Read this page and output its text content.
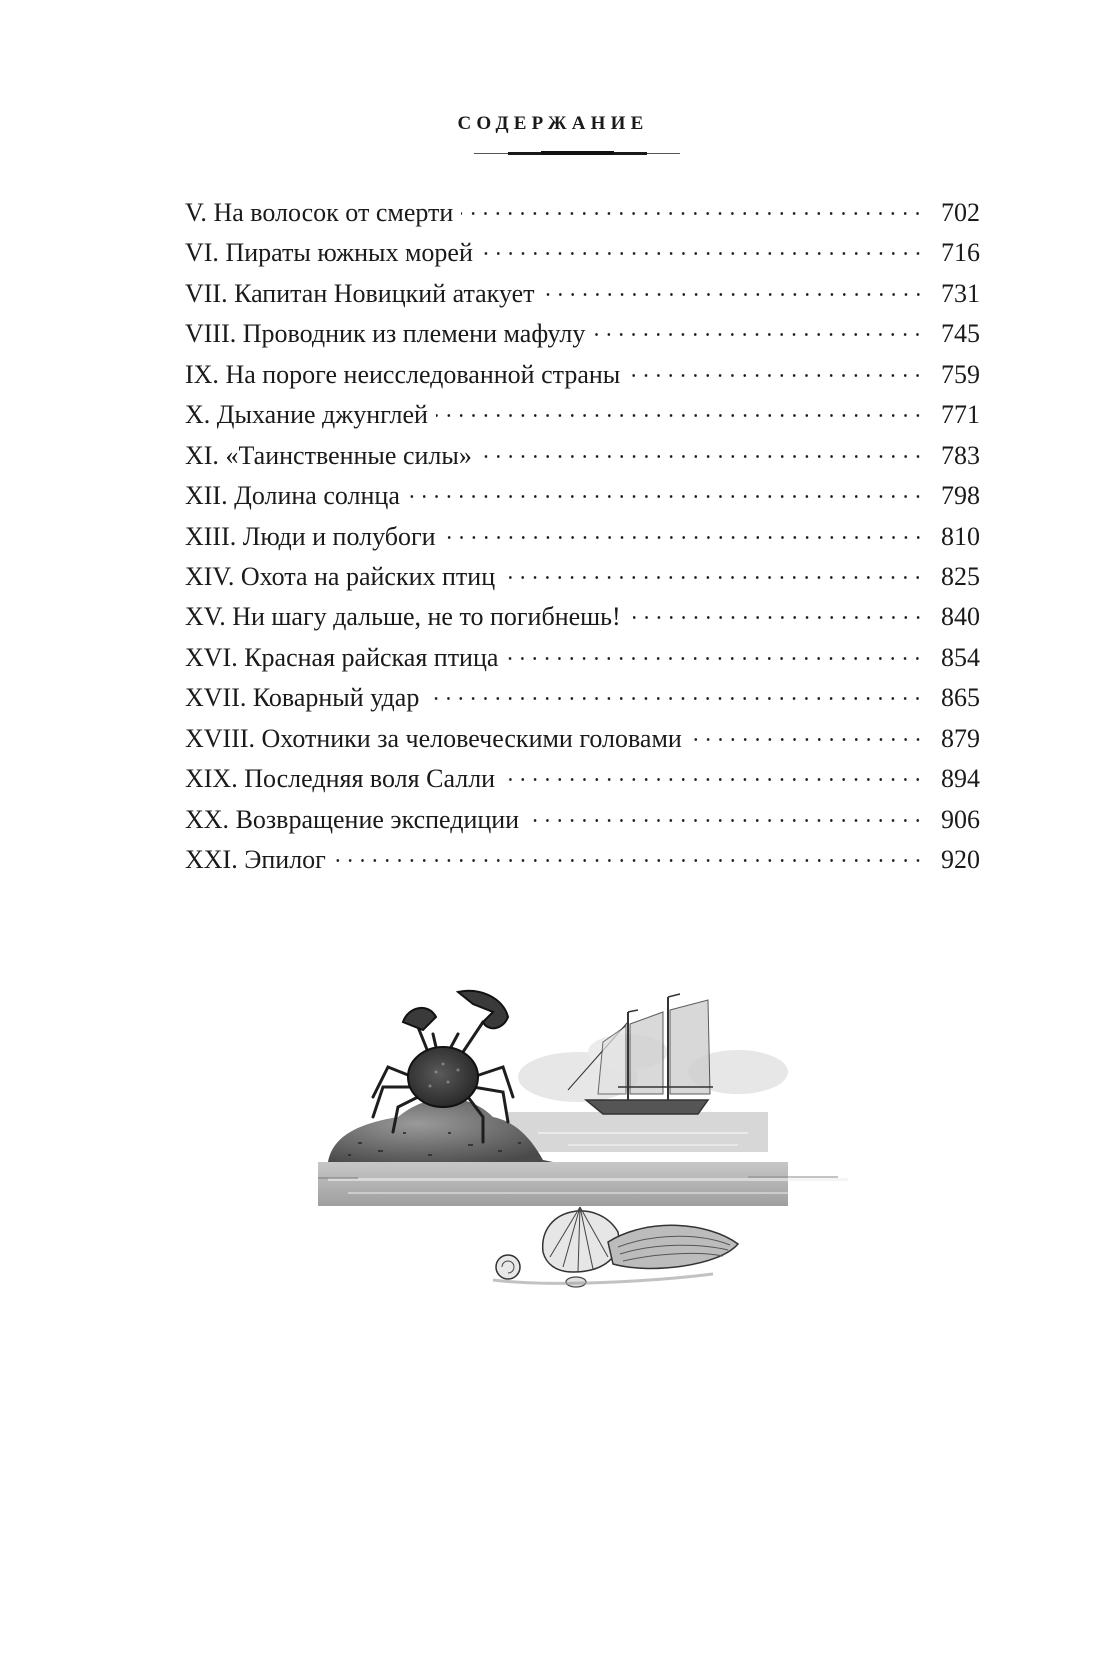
СОДЕРЖАНИЕ
V. На волосок от смерти	702
VI. Пираты южных морей	716
VII. Капитан Новицкий атакует	731
VIII. Проводник из племени мафулу	745
IX. На пороге неисследованной страны	759
X. Дыхание джунглей	771
XI. «Таинственные силы»	783
XII. Долина солнца	798
XIII. Люди и полубоги	810
XIV. Охота на райских птиц	825
XV. Ни шагу дальше, не то погибнешь!	840
XVI. Красная райская птица	854
XVII. Коварный удар	865
XVIII. Охотники за человеческими головами	879
XIX. Последняя воля Салли	894
XX. Возвращение экспедиции	906
XXI. Эпилог	920
